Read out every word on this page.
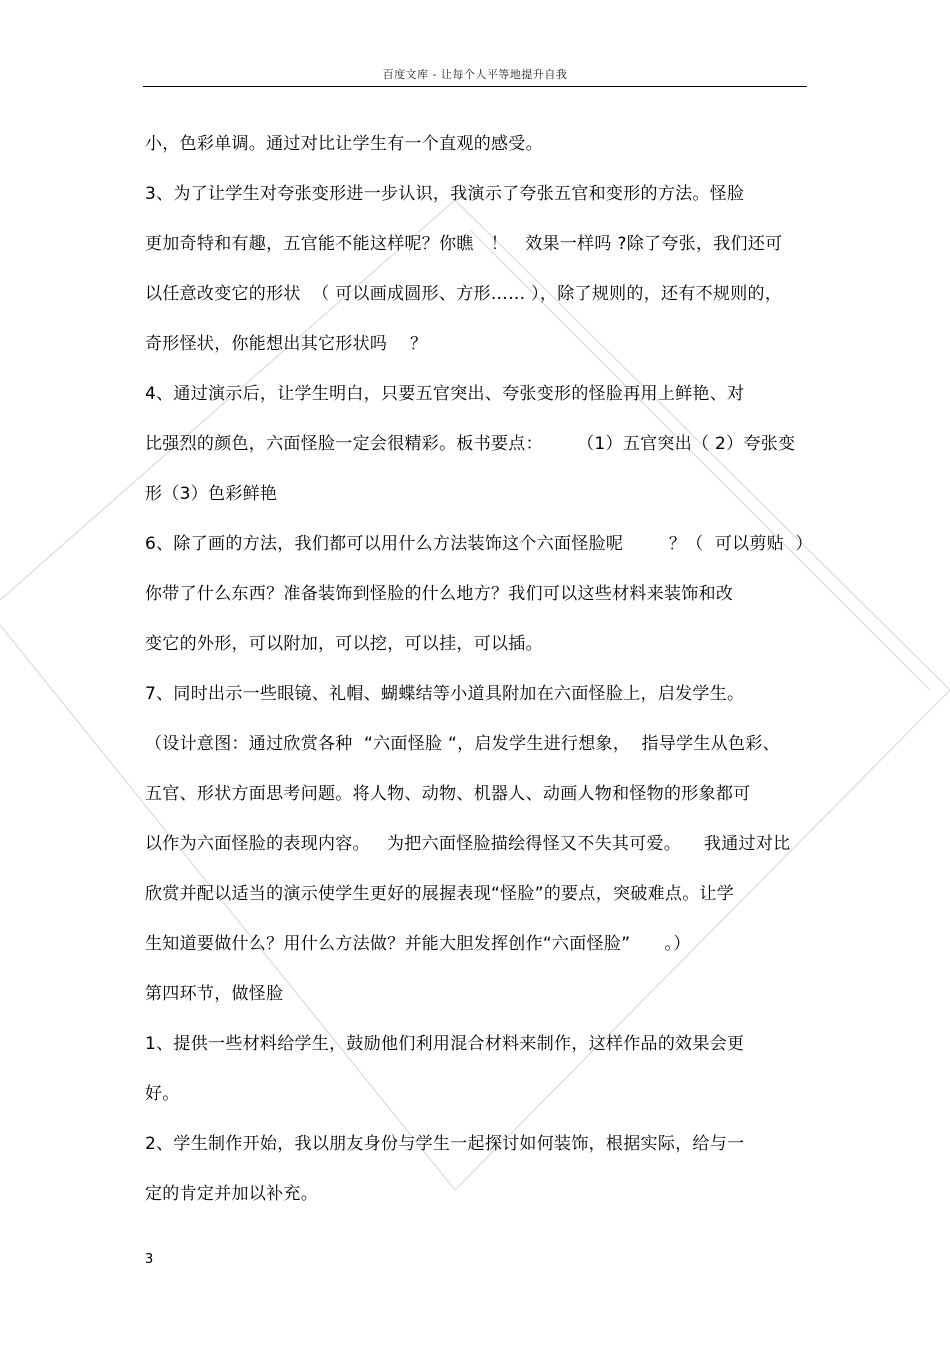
百度文库 - 让每个人平等地提升自我
小，色彩单调。通过对比让学生有一个直观的感受。
3、为了让学生对夸张变形进一步认识，我演示了夸张五官和变形的方法。怪脸
更加奇特和有趣，五官能不能这样呢？你瞧   ！   效果一样吗 ?除了夸张，我们还可
以任意改变它的形状  （ 可以画成圆形、方形…… ），除了规则的，还有不规则的，
奇形怪状，你能想出其它形状吗    ？
4、通过演示后，让学生明白，只要五官突出、夸张变形的怪脸再用上鲜艳、对
比强烈的颜色，六面怪脸一定会很精彩。板书要点：      （1）五官突出（ 2）夸张变
形（3）色彩鲜艳
6、除了画的方法，我们都可以用什么方法装饰这个六面怪脸呢        ？（  可以剪贴  ）
你带了什么东西？准备装饰到怪脸的什么地方？我们可以这些材料来装饰和改
变它的外形，可以附加，可以挖，可以挂，可以插。
7、同时出示一些眼镜、礼帽、蝴蝶结等小道具附加在六面怪脸上，启发学生。
（设计意图：通过欣赏各种  “六面怪脸 “，启发学生进行想象，  指导学生从色彩、
五官、形状方面思考问题。将人物、动物、机器人、动画人物和怪物的形象都可
以作为六面怪脸的表现内容。   为把六面怪脸描绘得怪又不失其可爱。    我通过对比
欣赏并配以适当的演示使学生更好的展握表现“怪脸”的要点，突破难点。让学
生知道要做什么？用什么方法做？并能大胆发挥创作“六面怪脸”      。）
第四环节，做怪脸
1、提供一些材料给学生，鼓励他们利用混合材料来制作，这样作品的效果会更
好。
2、学生制作开始，我以朋友身份与学生一起探讨如何装饰，根据实际，给与一
定的肯定并加以补充。
3
